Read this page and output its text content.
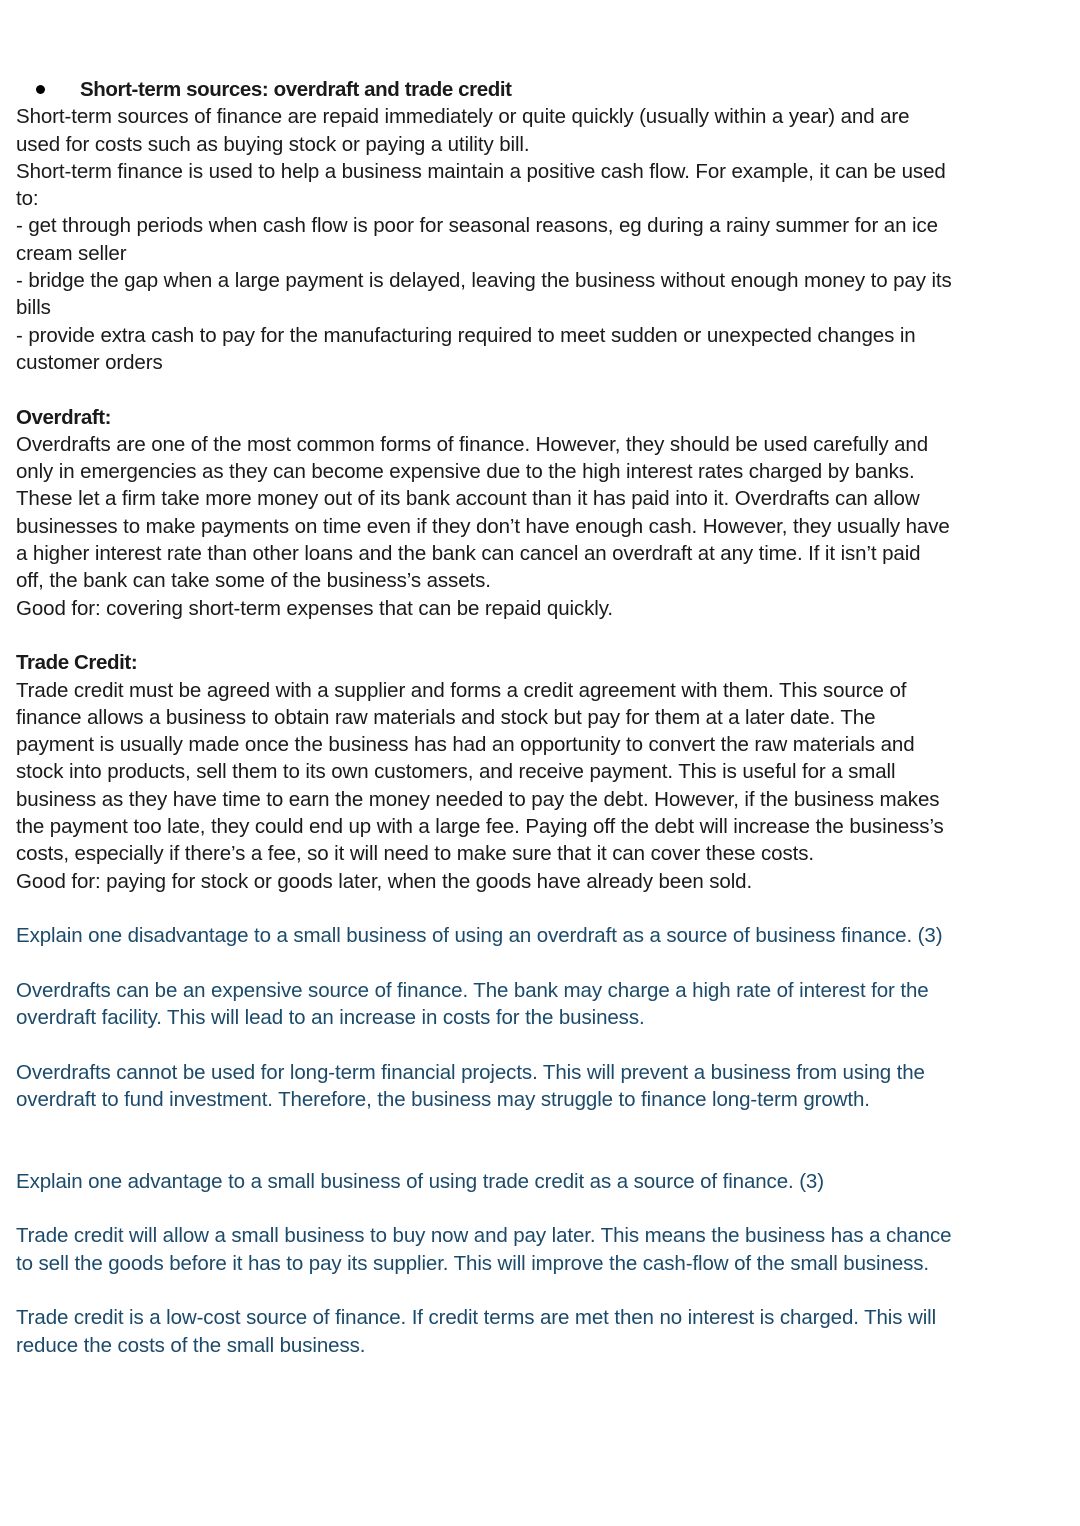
Short-term sources: overdraft and trade credit

Short-term sources of finance are repaid immediately or quite quickly (usually within a year) and are

used for costs such as buying stock or paying a utility bill.

Short-term finance is used to help a business maintain a positive cash flow. For example, it can be used

to:

- get through periods when cash flow is poor for seasonal reasons, eg during a rainy summer for an ice

cream seller

- bridge the gap when a large payment is delayed, leaving the business without enough money to pay its

bills

- provide extra cash to pay for the manufacturing required to meet sudden or unexpected changes in

customer orders

Overdraft:

Overdrafts are one of the most common forms of finance. However, they should be used carefully and

only in emergencies as they can become expensive due to the high interest rates charged by banks.

These let a firm take more money out of its bank account than it has paid into it. Overdrafts can allow

businesses to make payments on time even if they don’t have enough cash. However, they usually have

a higher interest rate than other loans and the bank can cancel an overdraft at any time. If it isn’t paid

off, the bank can take some of the business’s assets.

Good for: covering short-term expenses that can be repaid quickly.

Trade Credit:

Trade credit must be agreed with a supplier and forms a credit agreement with them. This source of

finance allows a business to obtain raw materials and stock but pay for them at a later date. The

payment is usually made once the business has had an opportunity to convert the raw materials and

stock into products, sell them to its own customers, and receive payment. This is useful for a small

business as they have time to earn the money needed to pay the debt. However, if the business makes

the payment too late, they could end up with a large fee. Paying off the debt will increase the business’s

costs, especially if there’s a fee, so it will need to make sure that it can cover these costs.

Good for: paying for stock or goods later, when the goods have already been sold.

Explain one disadvantage to a small business of using an overdraft as a source of business finance. (3)

Overdrafts can be an expensive source of finance. The bank may charge a high rate of interest for the

overdraft facility. This will lead to an increase in costs for the business.

Overdrafts cannot be used for long-term financial projects. This will prevent a business from using the

overdraft to fund investment. Therefore, the business may struggle to finance long-term growth.

Explain one advantage to a small business of using trade credit as a source of finance. (3)

Trade credit will allow a small business to buy now and pay later. This means the business has a chance

to sell the goods before it has to pay its supplier. This will improve the cash-flow of the small business.

Trade credit is a low-cost source of finance. If credit terms are met then no interest is charged. This will

reduce the costs of the small business.
